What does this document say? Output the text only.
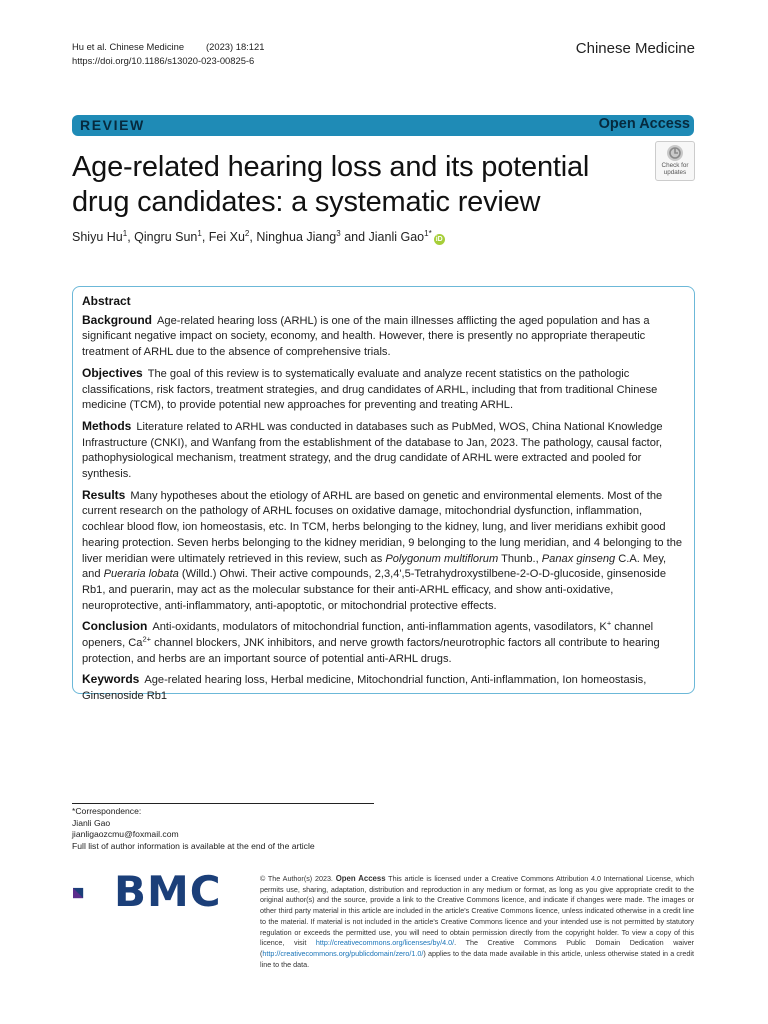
Hu et al. Chinese Medicine (2023) 18:121
https://doi.org/10.1186/s13020-023-00825-6
Chinese Medicine
REVIEW	Open Access
Age-related hearing loss and its potential drug candidates: a systematic review
Check for
updates
Shiyu Hu$^1$, Qingru Sun$^1$, Fei Xu$^2$, Ninghua Jiang$^3$ and Jianli Gao$^{1*}$iD

Abstract

Background Age-related hearing loss (ARHL) is one of the main illnesses afflicting the aged population and has a significant negative impact on society, economy, and health. However, there is presently no appropriate therapeutic treatment of ARHL due to the absence of comprehensive trials.

Objectives The goal of this review is to systematically evaluate and analyze recent statistics on the pathologic classifications, risk factors, treatment strategies, and drug candidates of ARHL, including that from traditional Chinese medicine (TCM), to provide potential new approaches for preventing and treating ARHL.

Methods Literature related to ARHL was conducted in databases such as PubMed, WOS, China National Knowledge Infrastructure (CNKI), and Wanfang from the establishment of the database to Jan, 2023. The pathology, causal factor, pathophysiological mechanism, treatment strategy, and the drug candidate of ARHL were extracted and pooled for synthesis.

Results Many hypotheses about the etiology of ARHL are based on genetic and environmental elements. Most of the current research on the pathology of ARHL focuses on oxidative damage, mitochondrial dysfunction, inflammation, cochlear blood flow, ion homeostasis, etc. In TCM, herbs belonging to the kidney, lung, and liver meridians exhibit good hearing protection. Seven herbs belonging to the kidney meridian, 9 belonging to the lung meridian, and 4 belonging to the liver meridian were ultimately retrieved in this review, such as Polygonum multiflorum Thunb., Panax ginseng C.A. Mey, and Pueraria lobata (Willd.) Ohwi. Their active compounds, 2,3,4',5-Tetrahydroxystilbene-2-O-D-glucoside, ginsenoside Rb1, and puerarin, may act as the molecular substance for their anti-ARHL efficacy, and show anti-oxidative, neuroprotective, anti-inflammatory, anti-apoptotic, or mitochondrial protective effects.

Conclusion Anti-oxidants, modulators of mitochondrial function, anti-inflammation agents, vasodilators, K+ channel openers, $Ca^{2+}$ channel blockers, JNK inhibitors, and nerve growth factors/neurotrophic factors all contribute to hearing protection, and herbs are an important source of potential anti-ARHL drugs.

Keywords Age-related hearing loss, Herbal medicine, Mitochondrial function, Anti-inflammation, Ion homeostasis, Ginsenoside Rb1

*Correspondence:
Jianli Gao
jianligaozcmu@foxmail.com
Full list of author information is available at the end of the article
BMC	© The Author(s) 2023. Open Access This article is licensed under a Creative Commons Attribution 4.0 International License, which permits use, sharing, adaptation, distribution and reproduction in any medium or format, as long as you give appropriate credit to the original author(s) and the source, provide a link to the Creative Commons licence, and indicate if changes were made. The images or other third party material in this article are included in the article's Creative Commons licence, unless indicated otherwise in a credit line to the material. If material is not included in the article's Creative Commons licence and your intended use is not permitted by statutory regulation or exceeds the permitted use, you will need to obtain permission directly from the copyright holder. To view a copy of this licence, visit http://creativecommons.org/licenses/by/4.0/. The Creative Commons Public Domain Dedication waiver (http://creativecommons.org/publicdomain/zero/1.0/) applies to the data made available in this article, unless otherwise stated in a credit line to the data.
